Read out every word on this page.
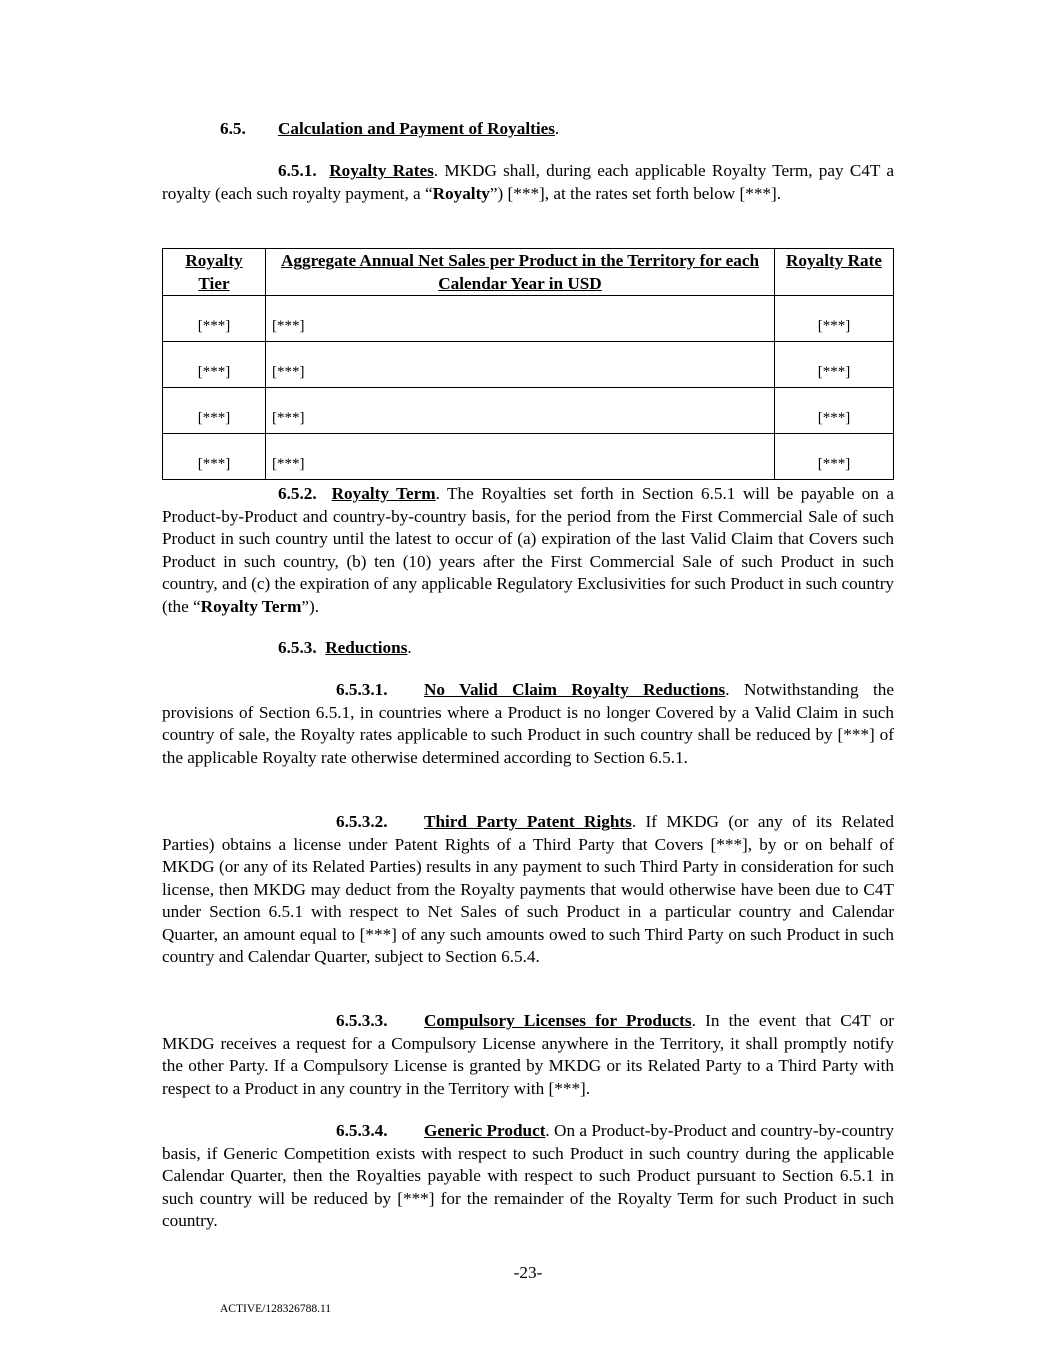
6.5. Calculation and Payment of Royalties.
6.5.1. Royalty Rates. MKDG shall, during each applicable Royalty Term, pay C4T a royalty (each such royalty payment, a “Royalty”) [***], at the rates set forth below [***].
Royalty Tier	Aggregate Annual Net Sales per Product in the Territory for each Calendar Year in USD	Royalty Rate
[***]	[***]	[***]
[***]	[***]	[***]
[***]	[***]	[***]
[***]	[***]	[***]
6.5.2. Royalty Term. The Royalties set forth in Section 6.5.1 will be payable on a Product-by-Product and country-by-country basis, for the period from the First Commercial Sale of such Product in such country until the latest to occur of (a) expiration of the last Valid Claim that Covers such Product in such country, (b) ten (10) years after the First Commercial Sale of such Product in such country, and (c) the expiration of any applicable Regulatory Exclusivities for such Product in such country (the “Royalty Term”).
6.5.3. Reductions.
6.5.3.1. No Valid Claim Royalty Reductions. Notwithstanding the provisions of Section 6.5.1, in countries where a Product is no longer Covered by a Valid Claim in such country of sale, the Royalty rates applicable to such Product in such country shall be reduced by [***] of the applicable Royalty rate otherwise determined according to Section 6.5.1.
6.5.3.2. Third Party Patent Rights. If MKDG (or any of its Related Parties) obtains a license under Patent Rights of a Third Party that Covers [***], by or on behalf of MKDG (or any of its Related Parties) results in any payment to such Third Party in consideration for such license, then MKDG may deduct from the Royalty payments that would otherwise have been due to C4T under Section 6.5.1 with respect to Net Sales of such Product in a particular country and Calendar Quarter, an amount equal to [***] of any such amounts owed to such Third Party on such Product in such country and Calendar Quarter, subject to Section 6.5.4.
6.5.3.3. Compulsory Licenses for Products. In the event that C4T or MKDG receives a request for a Compulsory License anywhere in the Territory, it shall promptly notify the other Party. If a Compulsory License is granted by MKDG or its Related Party to a Third Party with respect to a Product in any country in the Territory with [***].
6.5.3.4. Generic Product. On a Product-by-Product and country-by-country basis, if Generic Competition exists with respect to such Product in such country during the applicable Calendar Quarter, then the Royalties payable with respect to such Product pursuant to Section 6.5.1 in such country will be reduced by [***] for the remainder of the Royalty Term for such Product in such country.
-23-
ACTIVE/128326788.11
